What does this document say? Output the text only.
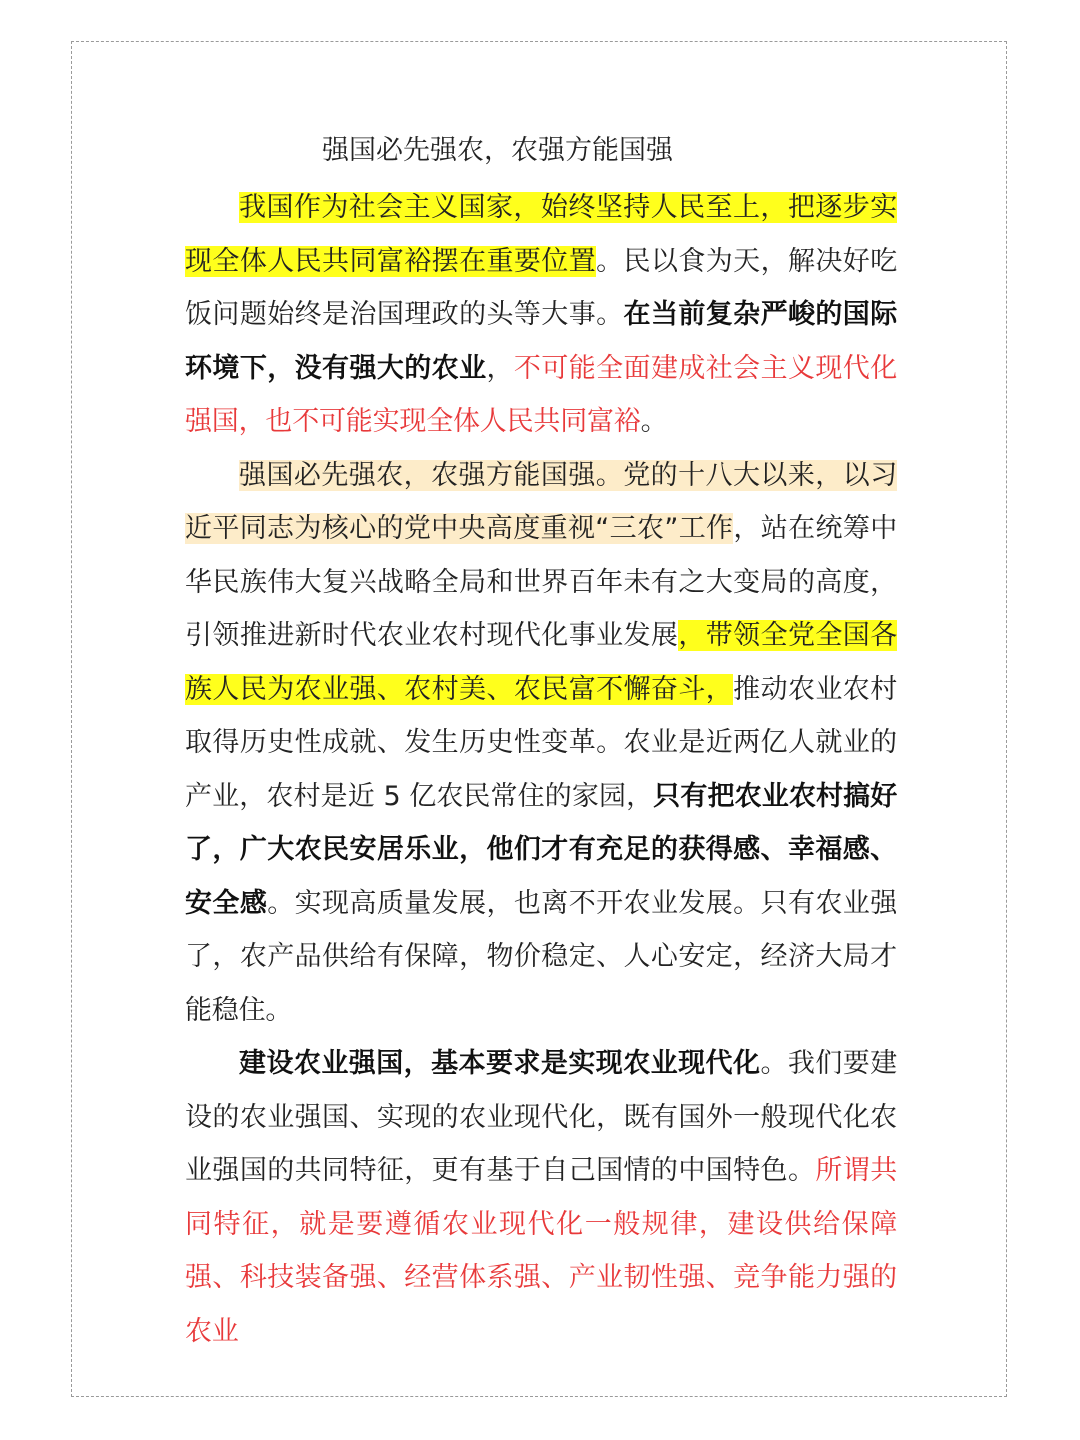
强国必先强农，农强方能国强

我国作为社会主义国家，始终坚持人民至上，把逐步实现全体人民共同富裕摆在重要位置。民以食为天，解决好吃饭问题始终是治国理政的头等大事。在当前复杂严峻的国际环境下，没有强大的农业，不可能全面建成社会主义现代化强国，也不可能实现全体人民共同富裕。

强国必先强农，农强方能国强。党的十八大以来，以习近平同志为核心的党中央高度重视“三农”工作，站在统筹中华民族伟大复兴战略全局和世界百年未有之大变局的高度，引领推进新时代农业农村现代化事业发展，带领全党全国各族人民为农业强、农村美、农民富不懈奋斗，推动农业农村取得历史性成就、发生历史性变革。农业是近两亿人就业的产业，农村是近 5 亿农民常住的家园，只有把农业农村搞好了，广大农民安居乐业，他们才有充足的获得感、幸福感、安全感。实现高质量发展，也离不开农业发展。只有农业强了，农产品供给有保障，物价稳定、人心安定，经济大局才能稳住。

建设农业强国，基本要求是实现农业现代化。我们要建设的农业强国、实现的农业现代化，既有国外一般现代化农业强国的共同特征，更有基于自己国情的中国特色。所谓共同特征，就是要遵循农业现代化一般规律，建设供给保障强、科技装备强、经营体系强、产业韧性强、竞争能力强的农业
